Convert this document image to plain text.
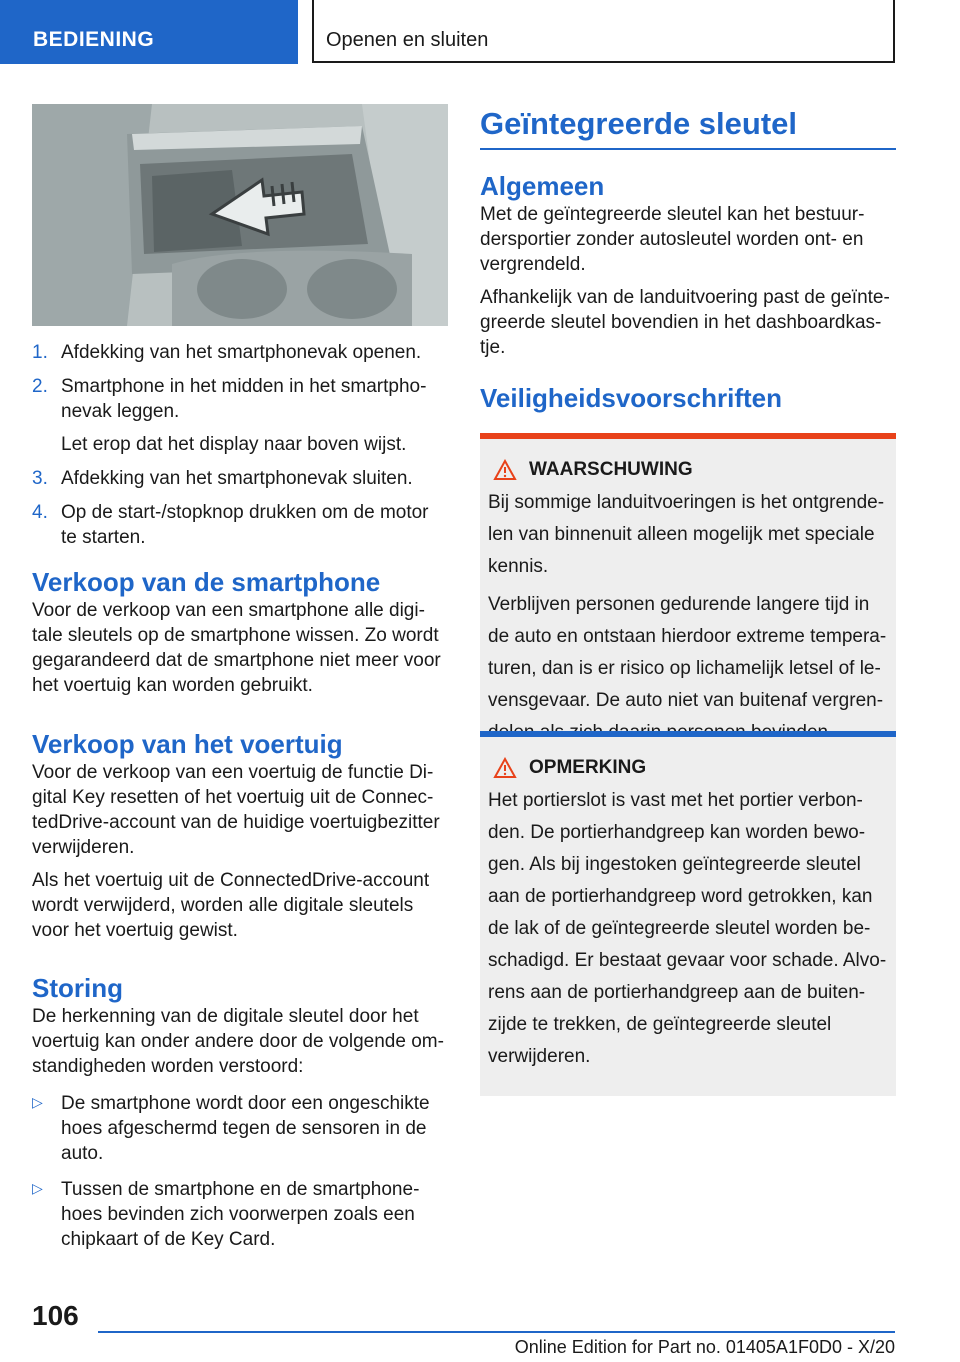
BEDIENING	Openen en sluiten
1. Afdekking van het smartphonevak openen.

2. Smartphone in het midden in het smartpho-

nevak leggen.

Let erop dat het display naar boven wijst.

3. Afdekking van het smartphonevak sluiten.

4. Op de start-/stopknop drukken om de motor

te starten.

Verkoop van de smartphone

Voor de verkoop van een smartphone alle digi-

tale sleutels op de smartphone wissen. Zo wordt

gegarandeerd dat de smartphone niet meer voor

het voertuig kan worden gebruikt.

Verkoop van het voertuig

Voor de verkoop van een voertuig de functie Di-

gital Key resetten of het voertuig uit de Connec-

tedDrive-account van de huidige voertuigbezitter

verwijderen.

Als het voertuig uit de ConnectedDrive-account

wordt verwijderd, worden alle digitale sleutels

voor het voertuig gewist.

Storing

De herkenning van de digitale sleutel door het

voertuig kan onder andere door de volgende om-

standigheden worden verstoord:

▷ De smartphone wordt door een ongeschikte

hoes afgeschermd tegen de sensoren in de

auto.

▷ Tussen de smartphone en de smartphone-

hoes bevinden zich voorwerpen zoals een

chipkaart of de Key Card.

Geïntegreerde sleutel
Algemeen

Met de geïntegreerde sleutel kan het bestuur-

dersportier zonder autosleutel worden ont- en

vergrendeld.

Afhankelijk van de landuitvoering past de geïnte-

greerde sleutel bovendien in het dashboardkas-

tje.

Veiligheidsvoorschriften
WAARSCHUWING

Bij sommige landuitvoeringen is het ontgrende-

len van binnenuit alleen mogelijk met speciale

kennis.

Verblijven personen gedurende langere tijd in

de auto en ontstaan hierdoor extreme tempera-

turen, dan is er risico op lichamelijk letsel of le-

vensgevaar. De auto niet van buitenaf vergren-

OPMERKING

Het portierslot is vast met het portier verbon-

den. De portierhandgreep kan worden bewo-

gen. Als bij ingestoken geïntegreerde sleutel

aan de portierhandgreep word getrokken, kan

de lak of de geïntegreerde sleutel worden be-

schadigd. Er bestaat gevaar voor schade. Alvo-

rens aan de portierhandgreep aan de buiten-

zijde te trekken, de geïntegreerde sleutel

verwijderen.

106
Online Edition for Part no. 01405A1F0D0 - X/20
